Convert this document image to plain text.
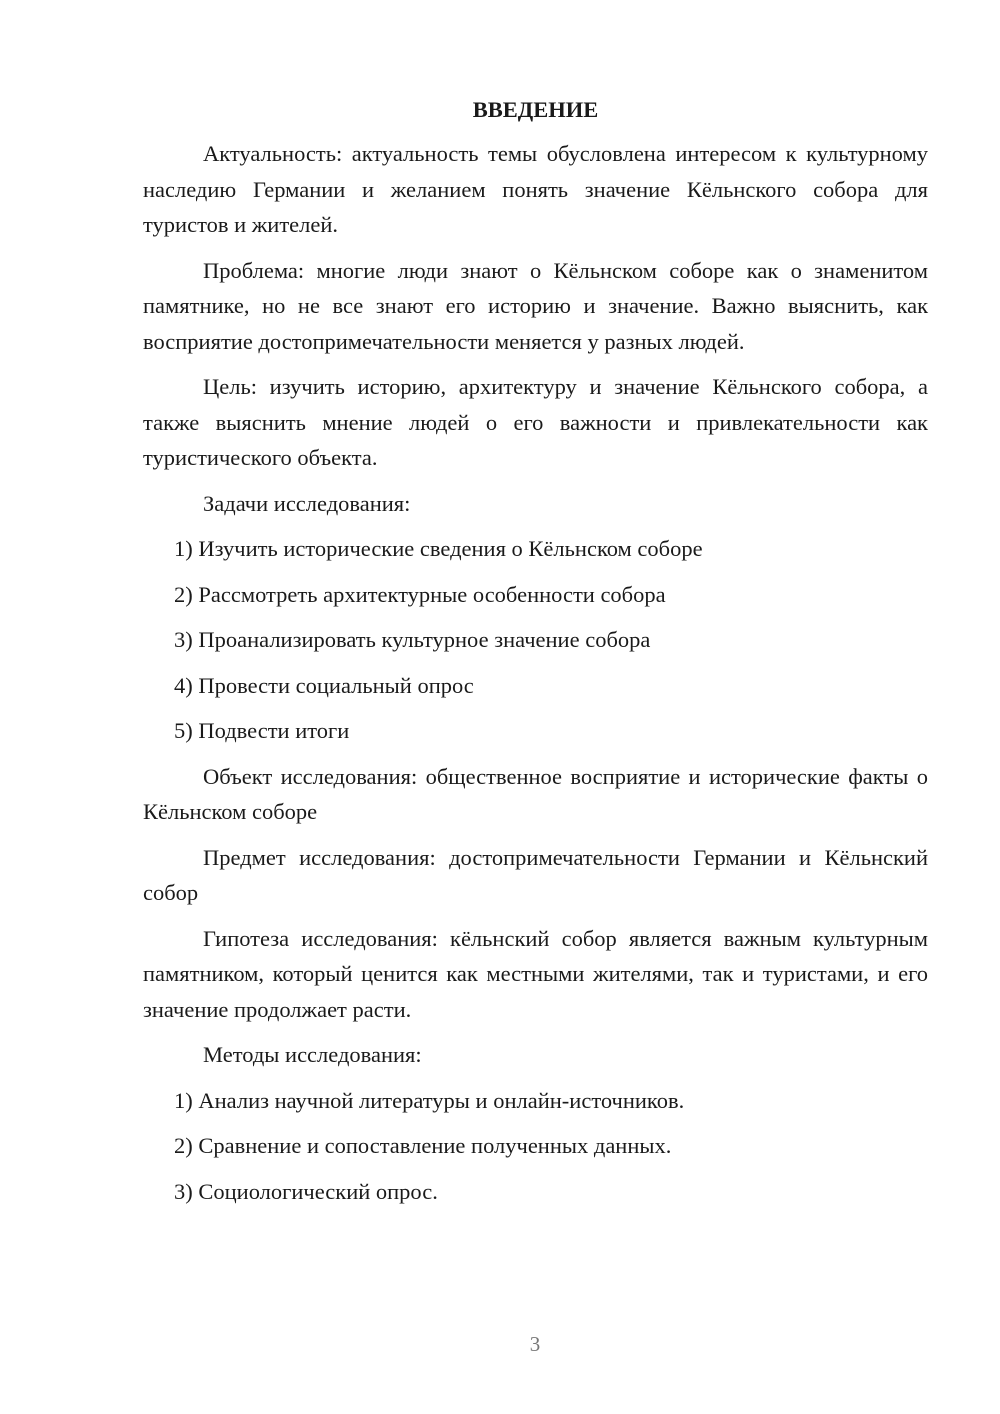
ВВЕДЕНИЕ

Актуальность: актуальность темы обусловлена интересом к культурному наследию Германии и желанием понять значение Кёльнского собора для туристов и жителей.

Проблема: многие люди знают о Кёльнском соборе как о знаменитом памятнике, но не все знают его историю и значение. Важно выяснить, как восприятие достопримечательности меняется у разных людей.

Цель: изучить историю, архитектуру и значение Кёльнского собора, а также выяснить мнение людей о его важности и привлекательности как туристического объекта.

Задачи исследования:

1) Изучить исторические сведения о Кёльнском соборе
2) Рассмотреть архитектурные особенности собора
3) Проанализировать культурное значение собора
4) Провести социальный опрос
5) Подвести итоги

Объект исследования: общественное восприятие и исторические факты о Кёльнском соборе

Предмет исследования: достопримечательности Германии и Кёльнский собор

Гипотеза исследования: кёльнский собор является важным культурным памятником, который ценится как местными жителями, так и туристами, и его значение продолжает расти.

Методы исследования:

1) Анализ научной литературы и онлайн-источников.
2) Сравнение и сопоставление полученных данных.
3) Социологический опрос.
3
